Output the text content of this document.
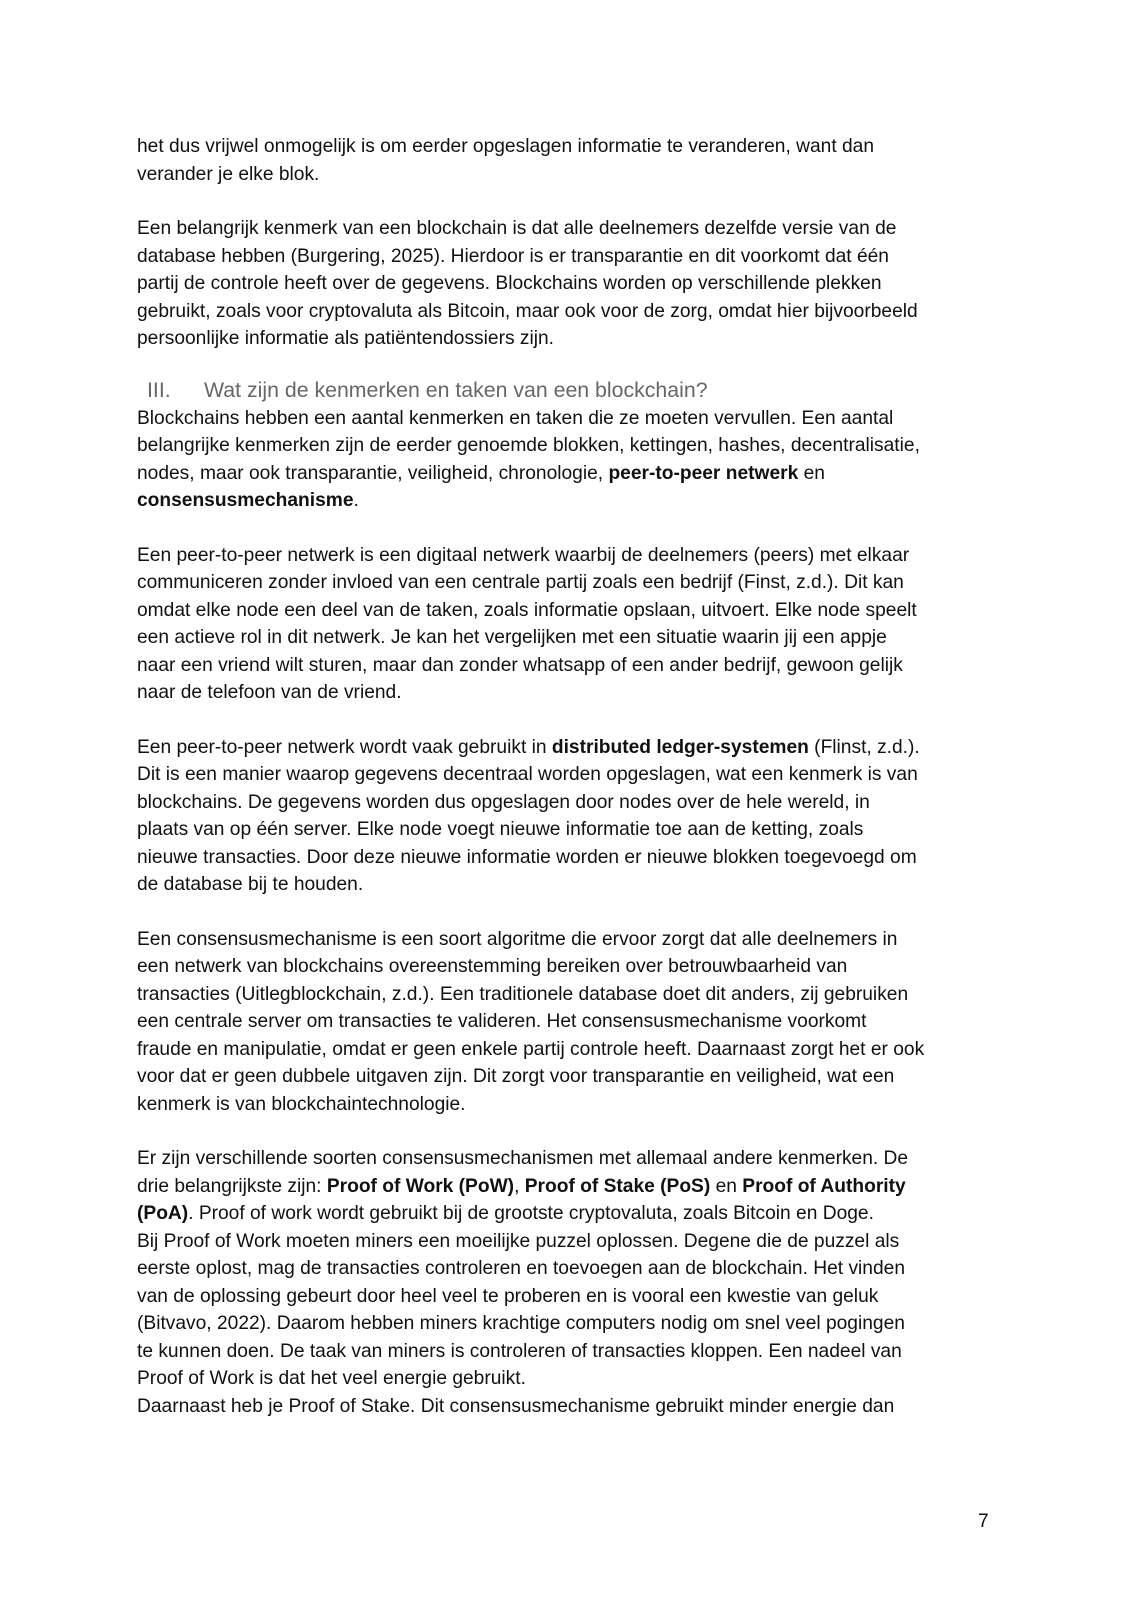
het dus vrijwel onmogelijk is om eerder opgeslagen informatie te veranderen, want dan
verander je elke blok.

Een belangrijk kenmerk van een blockchain is dat alle deelnemers dezelfde versie van de
database hebben (Burgering, 2025). Hierdoor is er transparantie en dit voorkomt dat één
partij de controle heeft over de gegevens. Blockchains worden op verschillende plekken
gebruikt, zoals voor cryptovaluta als Bitcoin, maar ook voor de zorg, omdat hier bijvoorbeeld
persoonlijke informatie als patiëntendossiers zijn.

III.	Wat zijn de kenmerken en taken van een blockchain?

Blockchains hebben een aantal kenmerken en taken die ze moeten vervullen. Een aantal
belangrijke kenmerken zijn de eerder genoemde blokken, kettingen, hashes, decentralisatie,
nodes, maar ook transparantie, veiligheid, chronologie, peer-to-peer netwerk en
consensusmechanisme.

Een peer-to-peer netwerk is een digitaal netwerk waarbij de deelnemers (peers) met elkaar
communiceren zonder invloed van een centrale partij zoals een bedrijf (Finst, z.d.). Dit kan
omdat elke node een deel van de taken, zoals informatie opslaan, uitvoert. Elke node speelt
een actieve rol in dit netwerk. Je kan het vergelijken met een situatie waarin jij een appje
naar een vriend wilt sturen, maar dan zonder whatsapp of een ander bedrijf, gewoon gelijk
naar de telefoon van de vriend.

Een peer-to-peer netwerk wordt vaak gebruikt in distributed ledger-systemen (Flinst, z.d.).
Dit is een manier waarop gegevens decentraal worden opgeslagen, wat een kenmerk is van
blockchains. De gegevens worden dus opgeslagen door nodes over de hele wereld, in
plaats van op één server. Elke node voegt nieuwe informatie toe aan de ketting, zoals
nieuwe transacties. Door deze nieuwe informatie worden er nieuwe blokken toegevoegd om
de database bij te houden.

Een consensusmechanisme is een soort algoritme die ervoor zorgt dat alle deelnemers in
een netwerk van blockchains overeenstemming bereiken over betrouwbaarheid van
transacties (Uitlegblockchain, z.d.). Een traditionele database doet dit anders, zij gebruiken
een centrale server om transacties te valideren. Het consensusmechanisme voorkomt
fraude en manipulatie, omdat er geen enkele partij controle heeft. Daarnaast zorgt het er ook
voor dat er geen dubbele uitgaven zijn. Dit zorgt voor transparantie en veiligheid, wat een
kenmerk is van blockchaintechnologie.

Er zijn verschillende soorten consensusmechanismen met allemaal andere kenmerken. De
drie belangrijkste zijn: Proof of Work (PoW), Proof of Stake (PoS) en Proof of Authority
(PoA). Proof of work wordt gebruikt bij de grootste cryptovaluta, zoals Bitcoin en Doge.
Bij Proof of Work moeten miners een moeilijke puzzel oplossen. Degene die de puzzel als
eerste oplost, mag de transacties controleren en toevoegen aan de blockchain. Het vinden
van de oplossing gebeurt door heel veel te proberen en is vooral een kwestie van geluk
(Bitvavo, 2022). Daarom hebben miners krachtige computers nodig om snel veel pogingen
te kunnen doen. De taak van miners is controleren of transacties kloppen. Een nadeel van
Proof of Work is dat het veel energie gebruikt.
Daarnaast heb je Proof of Stake. Dit consensusmechanisme gebruikt minder energie dan

7
